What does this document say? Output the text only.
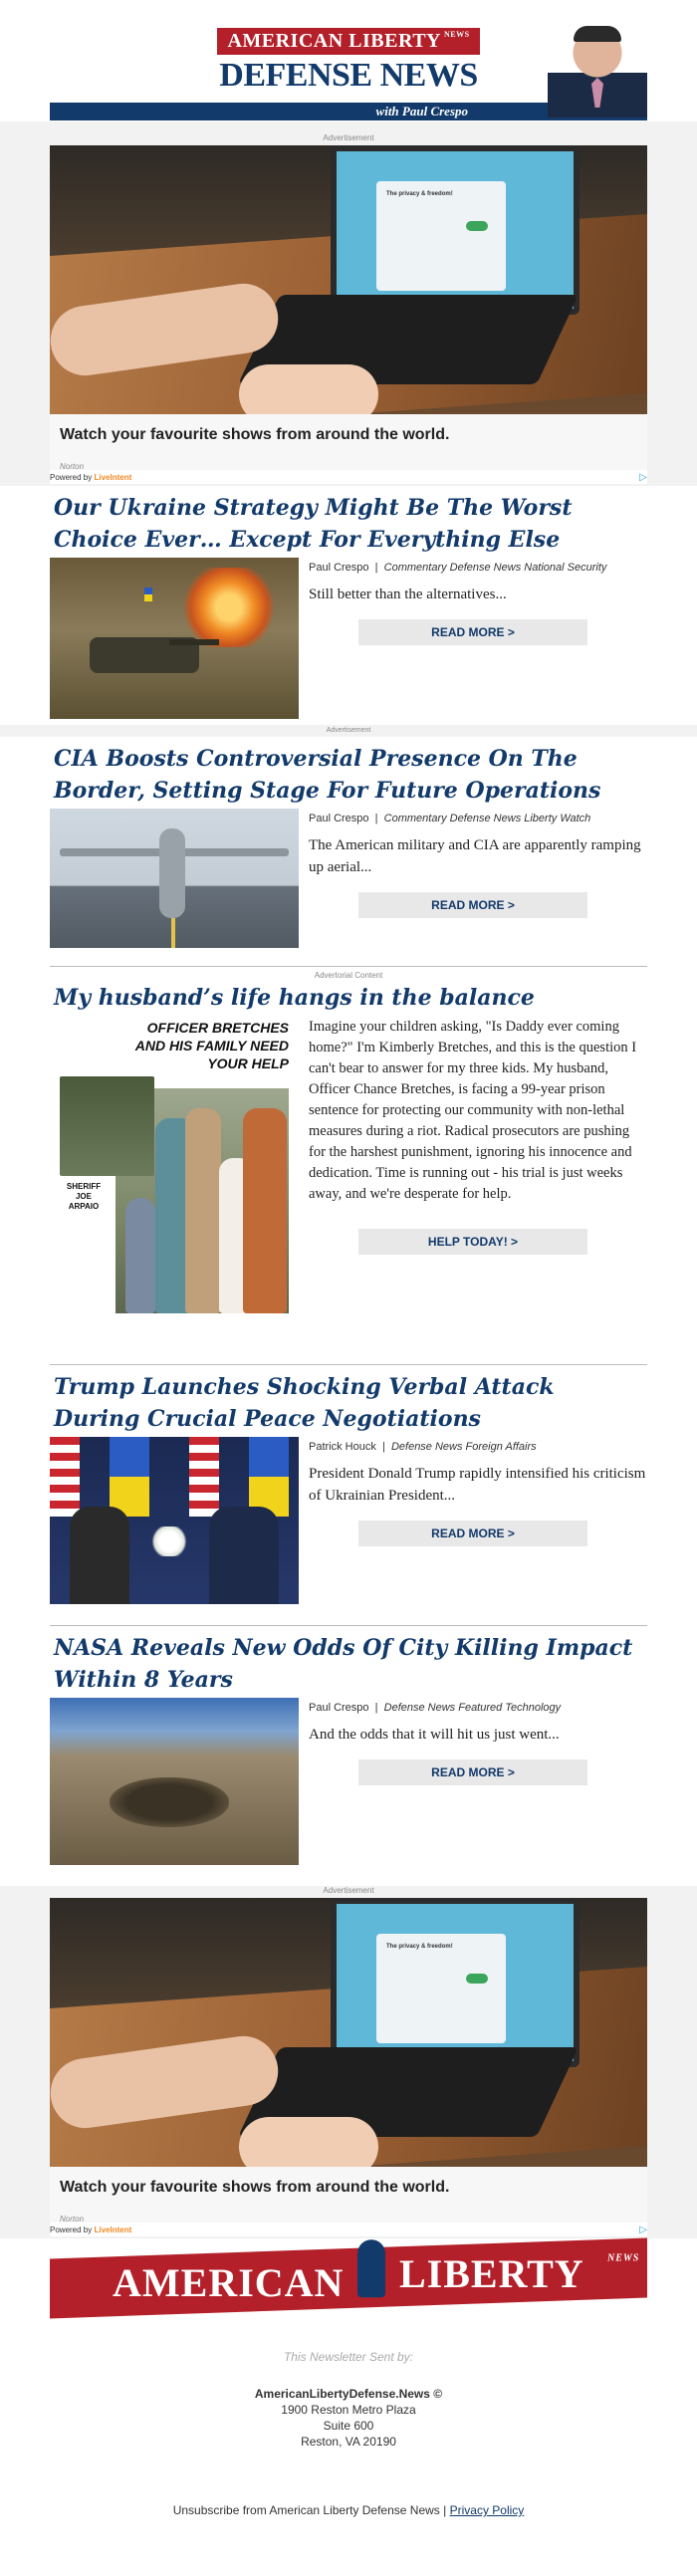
AMERICAN LIBERTY $^{NEWS}$
DEFENSE NEWS
with Paul Crespo
Advertisement
The privacy & freedom!
Watch your favourite shows from around the world.
Norton
Powered by LiveIntent	▷
Our Ukraine Strategy Might Be The Worst Choice Ever… Except For Everything Else
Paul Crespo  |  Commentary Defense News National Security
Still better than the alternatives...
READ MORE >
Advertisement
CIA Boosts Controversial Presence On The Border, Setting Stage For Future Operations
Paul Crespo  |  Commentary Defense News Liberty Watch
The American military and CIA are apparently ramping up aerial...
READ MORE >
Advertorial Content
My husband’s life hangs in the balance
OFFICER BRETCHES
AND HIS FAMILY NEED
YOUR HELP
SHERIFF
JOE
ARPAIO
Imagine your children asking, "Is Daddy ever coming home?" I'm Kimberly Bretches, and this is the question I can't bear to answer for my three kids. My husband, Officer Chance Bretches, is facing a 99-year prison sentence for protecting our community with non-lethal measures during a riot. Radical prosecutors are pushing for the harshest punishment, ignoring his innocence and dedication. Time is running out - his trial is just weeks away, and we're desperate for help.
HELP TODAY! >
Trump Launches Shocking Verbal Attack During Crucial Peace Negotiations
Patrick Houck  |  Defense News Foreign Affairs
President Donald Trump rapidly intensified his criticism of Ukrainian President...
READ MORE >
NASA Reveals New Odds Of City Killing Impact Within 8 Years
Paul Crespo  |  Defense News Featured Technology
And the odds that it will hit us just went...
READ MORE >
Advertisement
The privacy & freedom!
Watch your favourite shows from around the world.
Norton
Powered by LiveIntent	▷
AMERICAN LIBERTY NEWS
This Newsletter Sent by:
AmericanLibertyDefense.News ©
1900 Reston Metro Plaza
Suite 600
Reston, VA 20190
Unsubscribe from American Liberty Defense News | Privacy Policy
